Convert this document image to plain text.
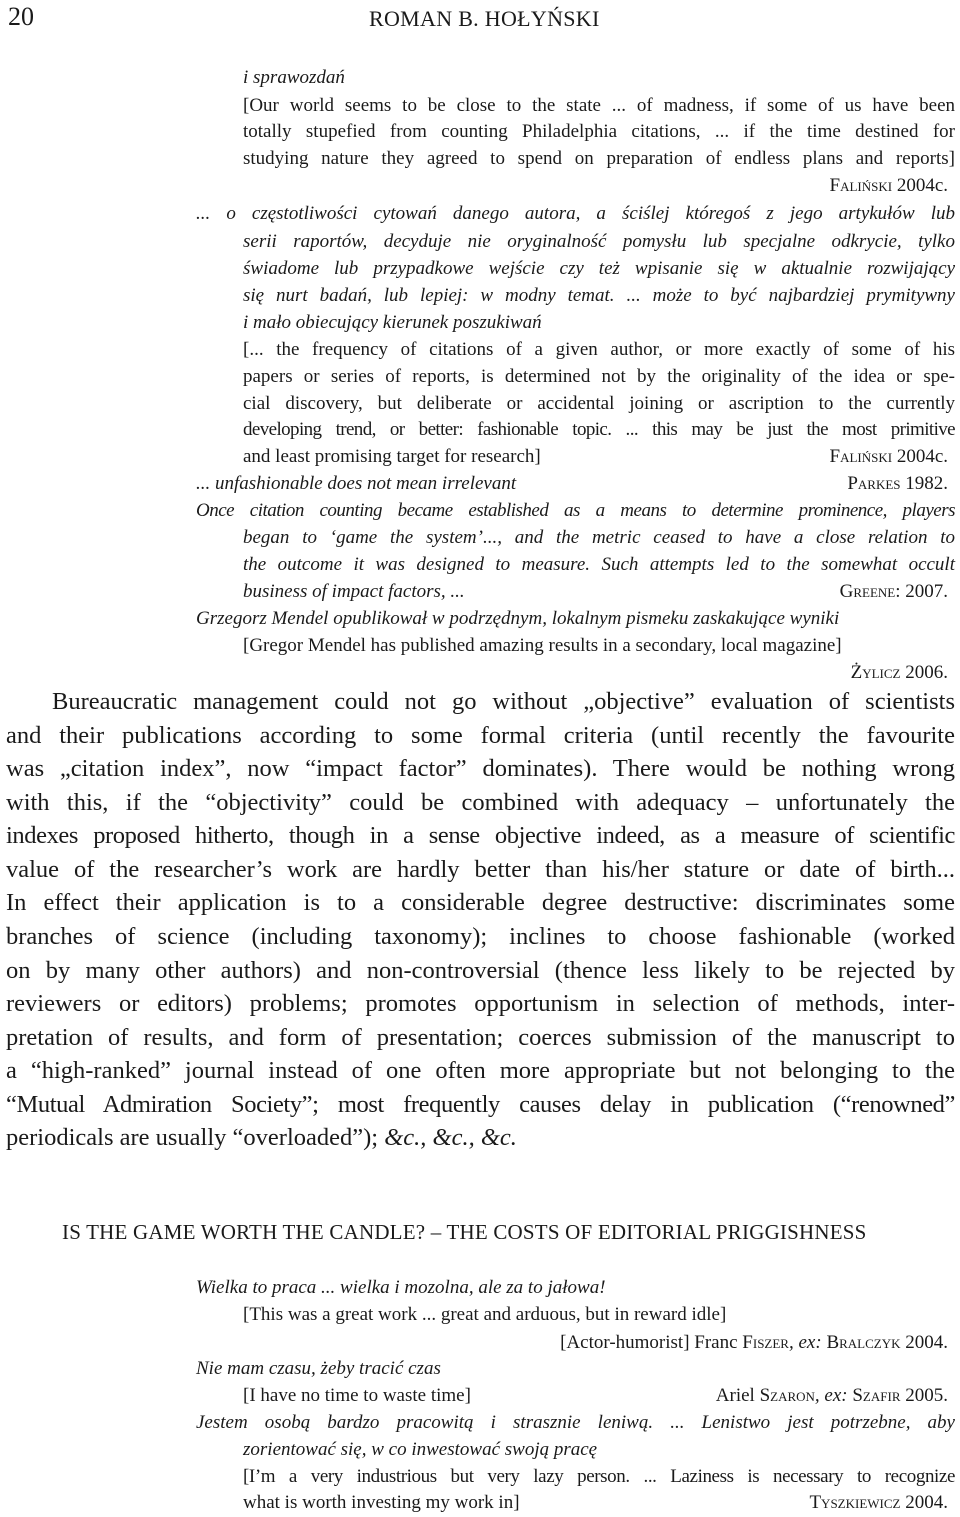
20	ROMAN B. HOŁYŃSKI
i sprawozdań
[Our world seems to be close to the state ... of madness, if some of us have been
totally stupefied from counting Philadelphia citations, ... if the time destined for
studying nature they agreed to spend on preparation of endless plans and reports]
Faliński 2004c.
... o częstotliwości cytowań danego autora, a ściślej któregoś z jego artykułów lub
serii raportów, decyduje nie oryginalność pomysłu lub specjalne odkrycie, tylko
świadome lub przypadkowe wejście czy też wpisanie się w aktualnie rozwijający
się nurt badań, lub lepiej: w modny temat. ... może to być najbardziej prymitywny
i mało obiecujący kierunek poszukiwań
[... the frequency of citations of a given author, or more exactly of some of his
papers or series of reports, is determined not by the originality of the idea or spe-
cial discovery, but deliberate or accidental joining or ascription to the currently
developing trend, or better: fashionable topic. ... this may be just the most primitive
and least promising target for research]	Faliński 2004c.
... unfashionable does not mean irrelevant	Parkes 1982.
Once citation counting became established as a means to determine prominence, players
began to ‘game the system’..., and the metric ceased to have a close relation to
the outcome it was designed to measure. Such attempts led to the somewhat occult
business of impact factors, ...	Greene: 2007.
Grzegorz Mendel opublikował w podrzędnym, lokalnym pismeku zaskakujące wyniki
[Gregor Mendel has published amazing results in a secondary, local magazine]
Żylicz 2006.
Bureaucratic management could not go without „objective” evaluation of scientists
and their publications according to some formal criteria (until recently the favourite
was „citation index”, now “impact factor” dominates). There would be nothing wrong
with this, if the “objectivity” could be combined with adequacy – unfortunately the
indexes proposed hitherto, though in a sense objective indeed, as a measure of scientific
value of the researcher’s work are hardly better than his/her stature or date of birth...
In effect their application is to a considerable degree destructive: discriminates some
branches of science (including taxonomy); inclines to choose fashionable (worked
on by many other authors) and non-controversial (thence less likely to be rejected by
reviewers or editors) problems; promotes opportunism in selection of methods, inter-
pretation of results, and form of presentation; coerces submission of the manuscript to
a “high-ranked” journal instead of one often more appropriate but not belonging to the
“Mutual Admiration Society”; most frequently causes delay in publication (“renowned”
periodicals are usually “overloaded”); &c., &c., &c.
IS THE GAME WORTH THE CANDLE? – THE COSTS OF EDITORIAL PRIGGISHNESS
Wielka to praca ... wielka i mozolna, ale za to jałowa!
[This was a great work ... great and arduous, but in reward idle]
[Actor-humorist] Franc Fiszer, ex: Bralczyk 2004.
Nie mam czasu, żeby tracić czas
[I have no time to waste time]	Ariel Szaron, ex: Szafir 2005.
Jestem osobą bardzo pracowitą i strasznie leniwą. ... Lenistwo jest potrzebne, aby
zorientować się, w co inwestować swoją pracę
[I’m a very industrious but very lazy person. ... Laziness is necessary to recognize
what is worth investing my work in]	Tyszkiewicz 2004.
